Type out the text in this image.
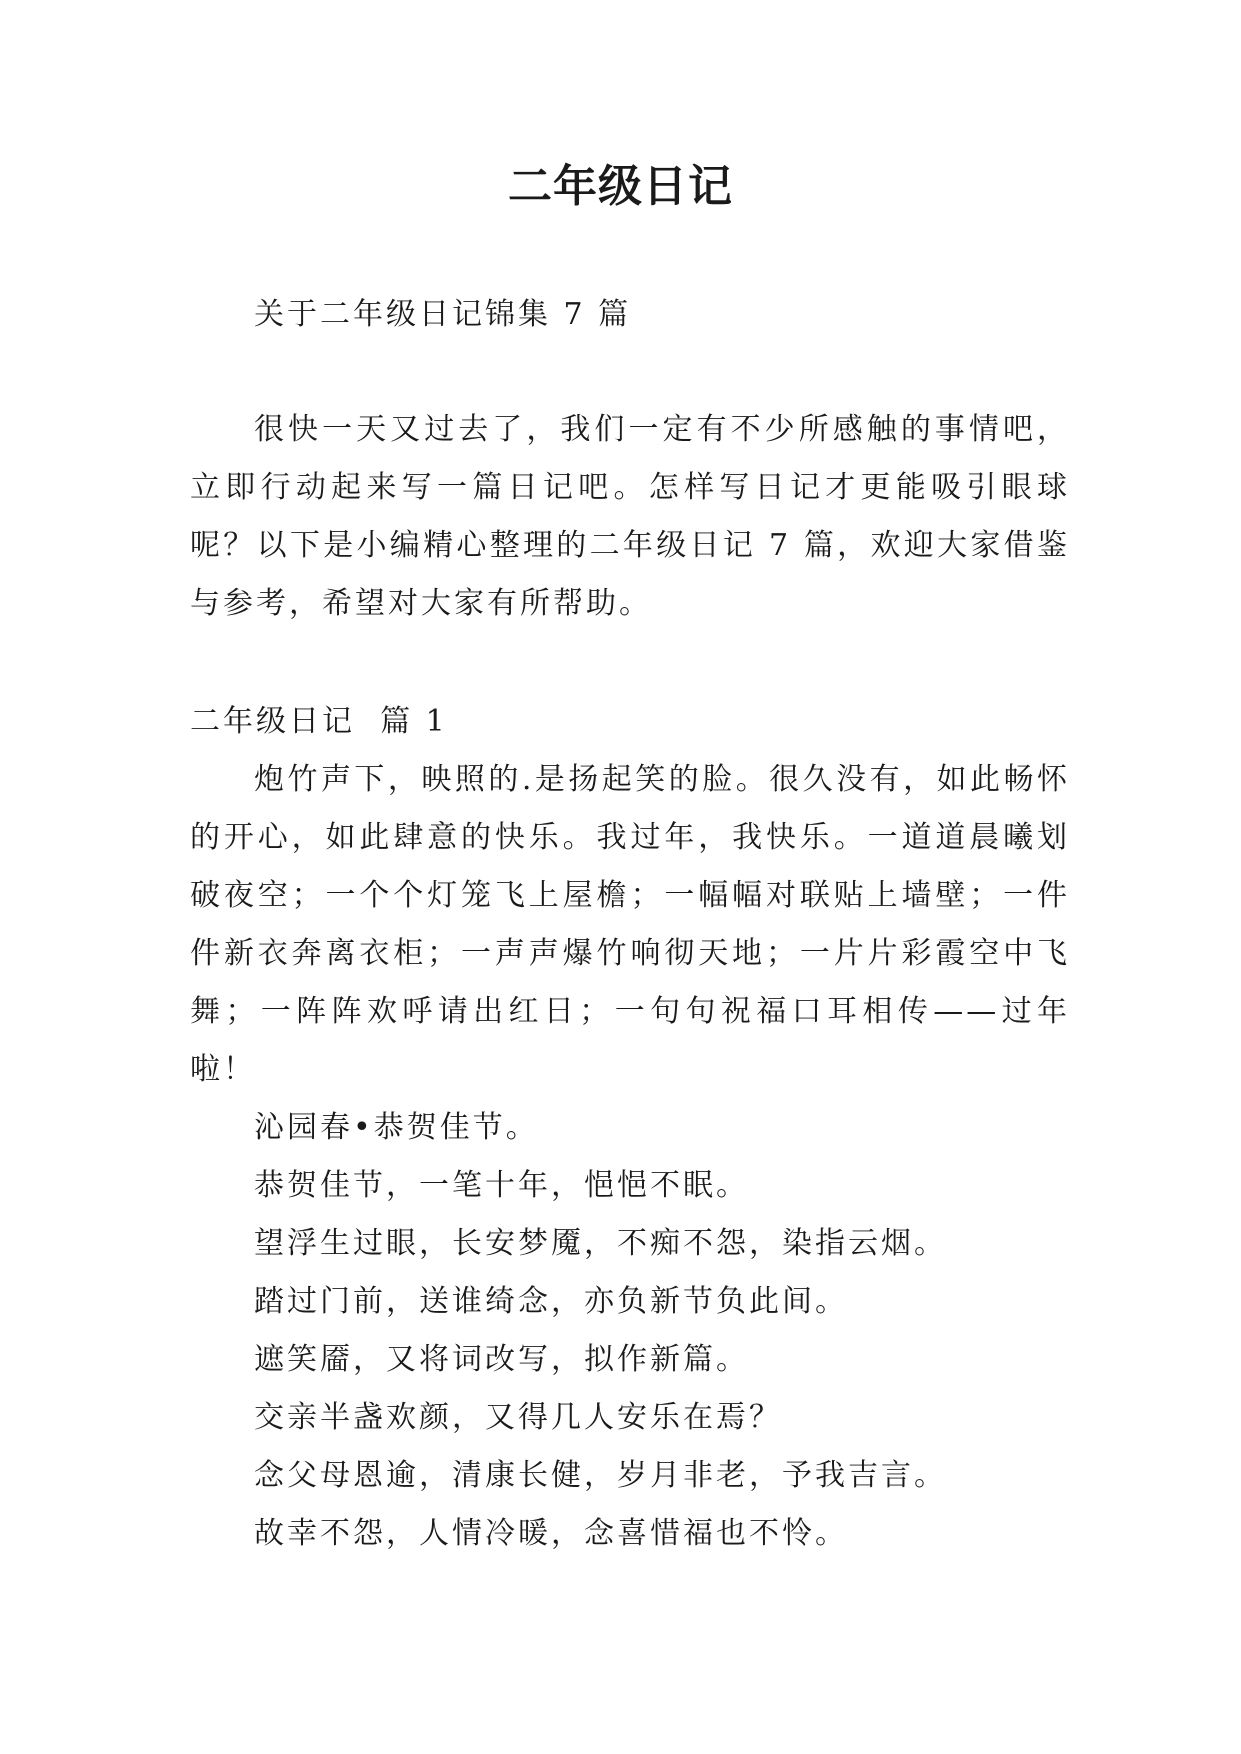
二年级日记

关于二年级日记锦集 7 篇

很快一天又过去了，我们一定有不少所感触的事情吧，立即行动起来写一篇日记吧。怎样写日记才更能吸引眼球呢？以下是小编精心整理的二年级日记 7 篇，欢迎大家借鉴与参考，希望对大家有所帮助。

二年级日记  篇 1

炮竹声下，映照的.是扬起笑的脸。很久没有，如此畅怀的开心，如此肆意的快乐。我过年，我快乐。一道道晨曦划破夜空；一个个灯笼飞上屋檐；一幅幅对联贴上墙壁；一件件新衣奔离衣柜；一声声爆竹响彻天地；一片片彩霞空中飞舞；一阵阵欢呼请出红日；一句句祝福口耳相传——过年啦！

沁园春•恭贺佳节。
恭贺佳节，一笔十年，悒悒不眠。
望浮生过眼，长安梦魇，不痴不怨，染指云烟。
踏过门前，送谁绮念，亦负新节负此间。
遮笑靥，又将词改写，拟作新篇。
交亲半盏欢颜，又得几人安乐在焉？
念父母恩逾，清康长健，岁月非老，予我吉言。
故幸不怨，人情冷暖，念喜惜福也不怜。
